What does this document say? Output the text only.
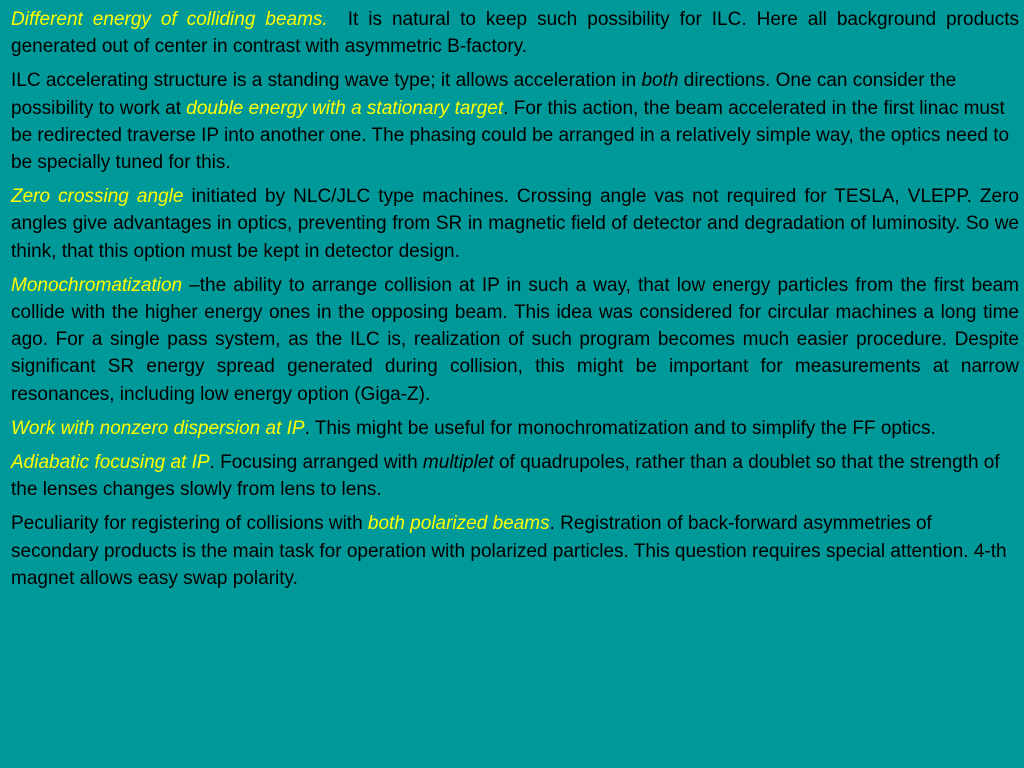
Different energy of colliding beams. It is natural to keep such possibility for ILC. Here all background products generated out of center in contrast with asymmetric B-factory.

ILC accelerating structure is a standing wave type; it allows acceleration in both directions. One can consider the possibility to work at double energy with a stationary target. For this action, the beam accelerated in the first linac must be redirected traverse IP into another one. The phasing could be arranged in a relatively simple way, the optics need to be specially tuned for this.

Zero crossing angle initiated by NLC/JLC type machines. Crossing angle vas not required for TESLA, VLEPP. Zero angles give advantages in optics, preventing from SR in magnetic field of detector and degradation of luminosity. So we think, that this option must be kept in detector design.

Monochromatization –the ability to arrange collision at IP in such a way, that low energy particles from the first beam collide with the higher energy ones in the opposing beam. This idea was considered for circular machines a long time ago. For a single pass system, as the ILC is, realization of such program becomes much easier procedure. Despite significant SR energy spread generated during collision, this might be important for measurements at narrow resonances, including low energy option (Giga-Z).

Work with nonzero dispersion at IP. This might be useful for monochromatization and to simplify the FF optics.

Adiabatic focusing at IP. Focusing arranged with multiplet of quadrupoles, rather than a doublet so that the strength of the lenses changes slowly from lens to lens.

Peculiarity for registering of collisions with both polarized beams. Registration of back-forward asymmetries of secondary products is the main task for operation with polarized particles. This question requires special attention. 4-th magnet allows easy swap polarity.
